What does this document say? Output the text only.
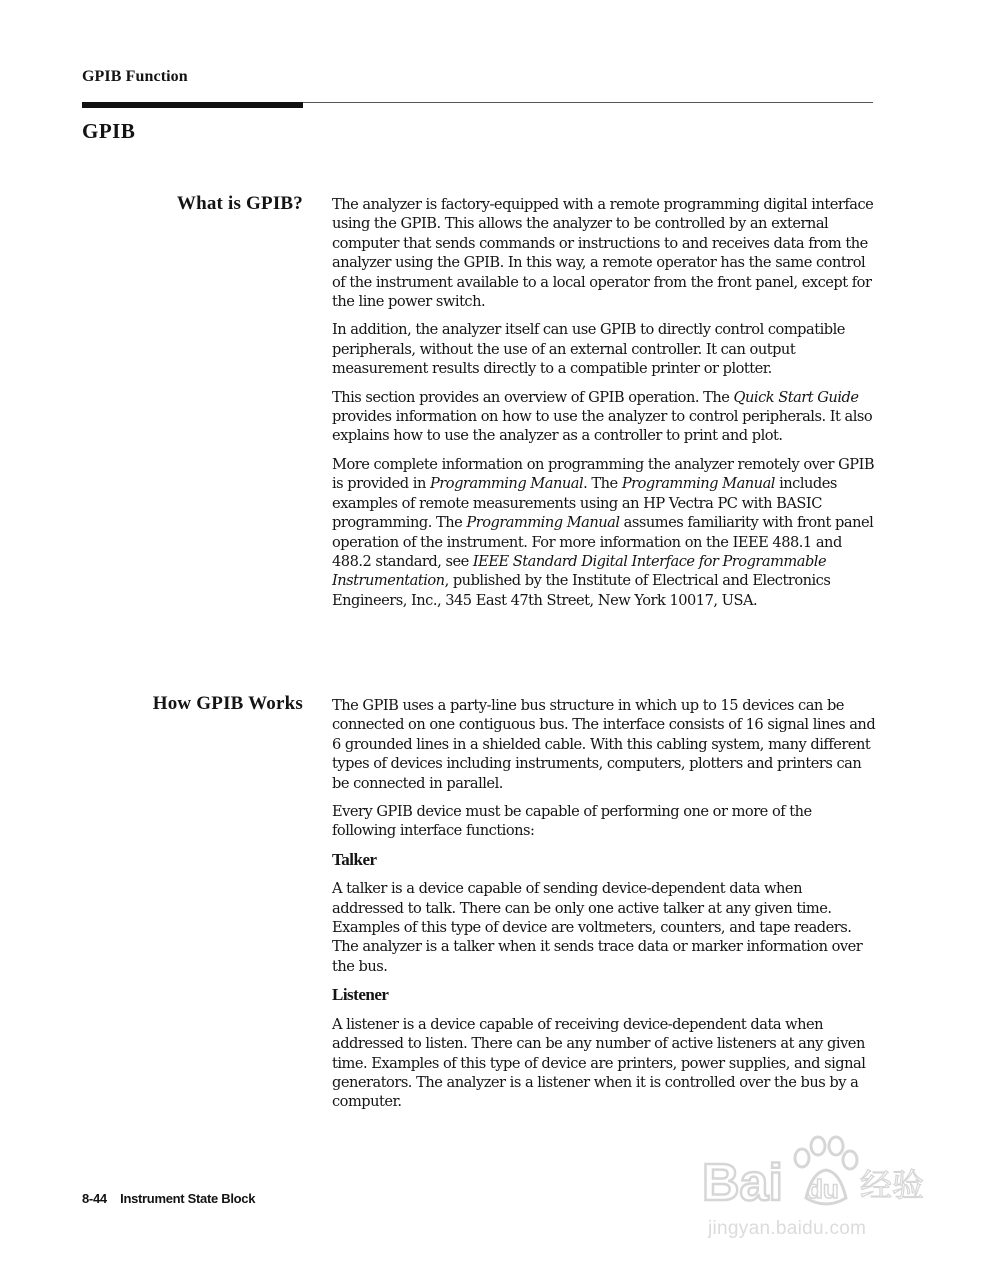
GPIB Function
GPIB
What is GPIB? The analyzer is factory-equipped with a remote programming digital interface using the GPIB. This allows the analyzer to be controlled by an external computer that sends commands or instructions to and receives data from the analyzer using the GPIB. In this way, a remote operator has the same control of the instrument available to a local operator from the front panel, except for the line power switch.

In addition, the analyzer itself can use GPIB to directly control compatible peripherals, without the use of an external controller. It can output measurement results directly to a compatible printer or plotter.

This section provides an overview of GPIB operation. The Quick Start Guide provides information on how to use the analyzer to control peripherals. It also explains how to use the analyzer as a controller to print and plot.

More complete information on programming the analyzer remotely over GPIB is provided in Programming Manual. The Programming Manual includes examples of remote measurements using an HP Vectra PC with BASIC programming. The Programming Manual assumes familiarity with front panel operation of the instrument. For more information on the IEEE 488.1 and 488.2 standard, see IEEE Standard Digital Interface for Programmable Instrumentation, published by the Institute of Electrical and Electronics Engineers, Inc., 345 East 47th Street, New York 10017, USA.

How GPIB Works The GPIB uses a party-line bus structure in which up to 15 devices can be connected on one contiguous bus. The interface consists of 16 signal lines and 6 grounded lines in a shielded cable. With this cabling system, many different types of devices including instruments, computers, plotters and printers can be connected in parallel.

Every GPIB device must be capable of performing one or more of the following interface functions:

Talker

A talker is a device capable of sending device-dependent data when addressed to talk. There can be only one active talker at any given time. Examples of this type of device are voltmeters, counters, and tape readers. The analyzer is a talker when it sends trace data or marker information over the bus.

Listener

A listener is a device capable of receiving device-dependent data when addressed to listen. There can be any number of active listeners at any given time. Examples of this type of device are printers, power supplies, and signal generators. The analyzer is a listener when it is controlled over the bus by a computer.

8-44 Instrument State Block	Bai du 经验
jingyan.baidu.com
